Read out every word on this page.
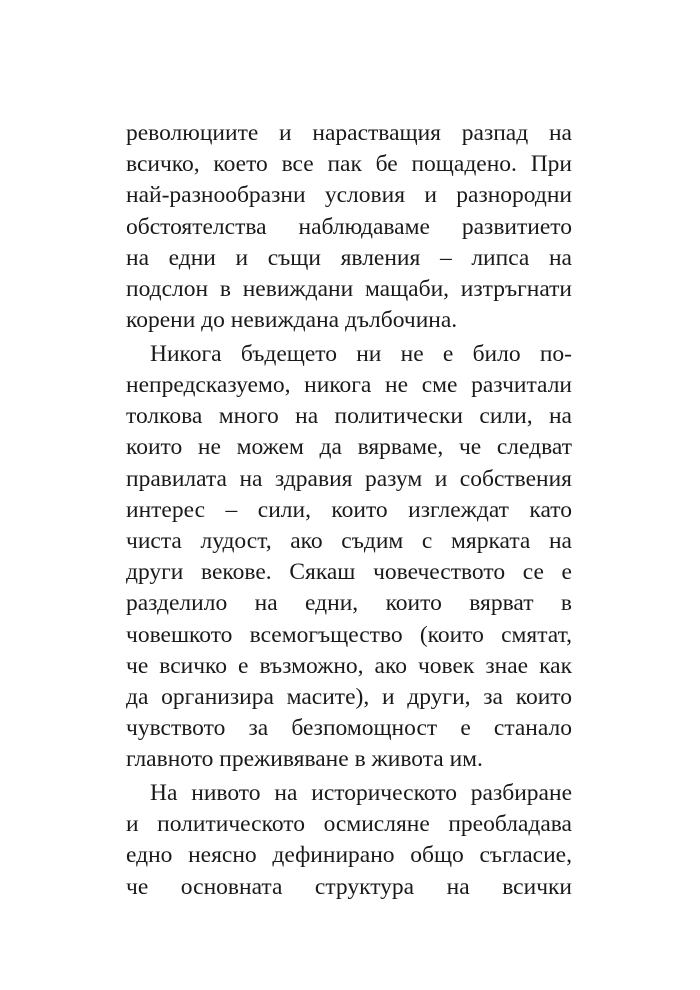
революциите и нарастващия разпад на
всичко, което все пак бе пощадено. При
най-разнообразни условия и разнородни
обстоятелства наблюдаваме развитието
на едни и същи явления – липса на
подслон в невиждани мащаби, изтръгнати
корени до невиждана дълбочина.
Никога бъдещето ни не е било по-
непредсказуемо, никога не сме разчитали
толкова много на политически сили, на
които не можем да вярваме, че следват
правилата на здравия разум и собствения
интерес – сили, които изглеждат като
чиста лудост, ако съдим с мярката на
други векове. Сякаш човечеството се е
разделило на едни, които вярват в
човешкото всемогъщество (които смятат,
че всичко е възможно, ако човек знае как
да организира масите), и други, за които
чувството за безпомощност е станало
главното преживяване в живота им.
На нивото на историческото разбиране
и политическото осмисляне преобладава
едно неясно дефинирано общо съгласие,
че основната структура на всички
